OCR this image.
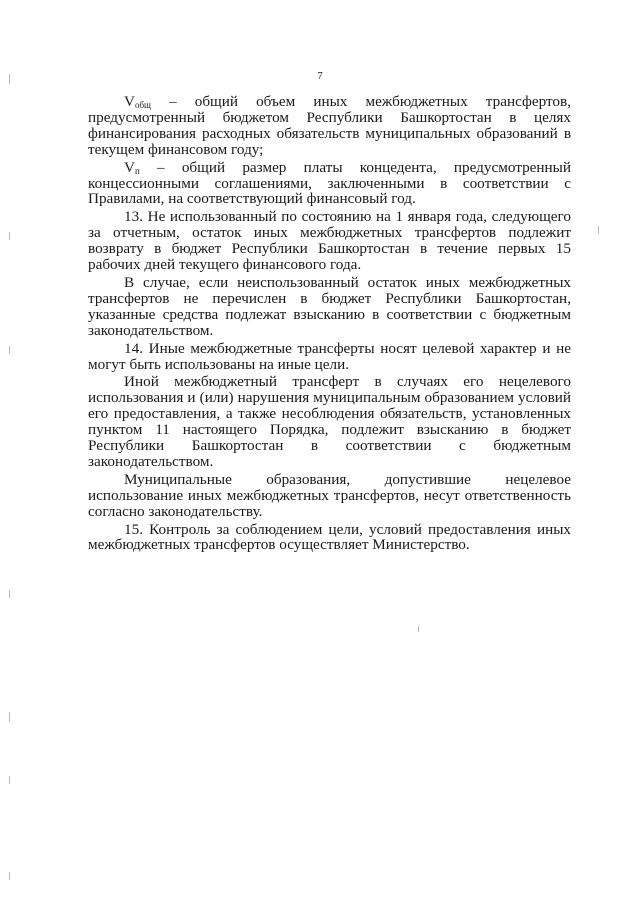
7

$V_{общ}$ – общий объем иных межбюджетных трансфертов, предусмотренный бюджетом Республики Башкортостан в целях финансирования расходных обязательств муниципальных образований в текущем финансовом году;

$V_п$ – общий размер платы концедента, предусмотренный концессионными соглашениями, заключенными в соответствии с Правилами, на соответствующий финансовый год.

13. Не использованный по состоянию на 1 января года, следующего за отчетным, остаток иных межбюджетных трансфертов подлежит возврату в бюджет Республики Башкортостан в течение первых 15 рабочих дней текущего финансового года.

В случае, если неиспользованный остаток иных межбюджетных трансфертов не перечислен в бюджет Республики Башкортостан, указанные средства подлежат взысканию в соответствии с бюджетным законодательством.

14. Иные межбюджетные трансферты носят целевой характер и не могут быть использованы на иные цели.

Иной межбюджетный трансферт в случаях его нецелевого использования и (или) нарушения муниципальным образованием условий его предоставления, а также несоблюдения обязательств, установленных пунктом 11 настоящего Порядка, подлежит взысканию в бюджет Республики Башкортостан в соответствии с бюджетным законодательством.

Муниципальные образования, допустившие нецелевое использование иных межбюджетных трансфертов, несут ответственность согласно законодательству.

15. Контроль за соблюдением цели, условий предоставления иных межбюджетных трансфертов осуществляет Министерство.
